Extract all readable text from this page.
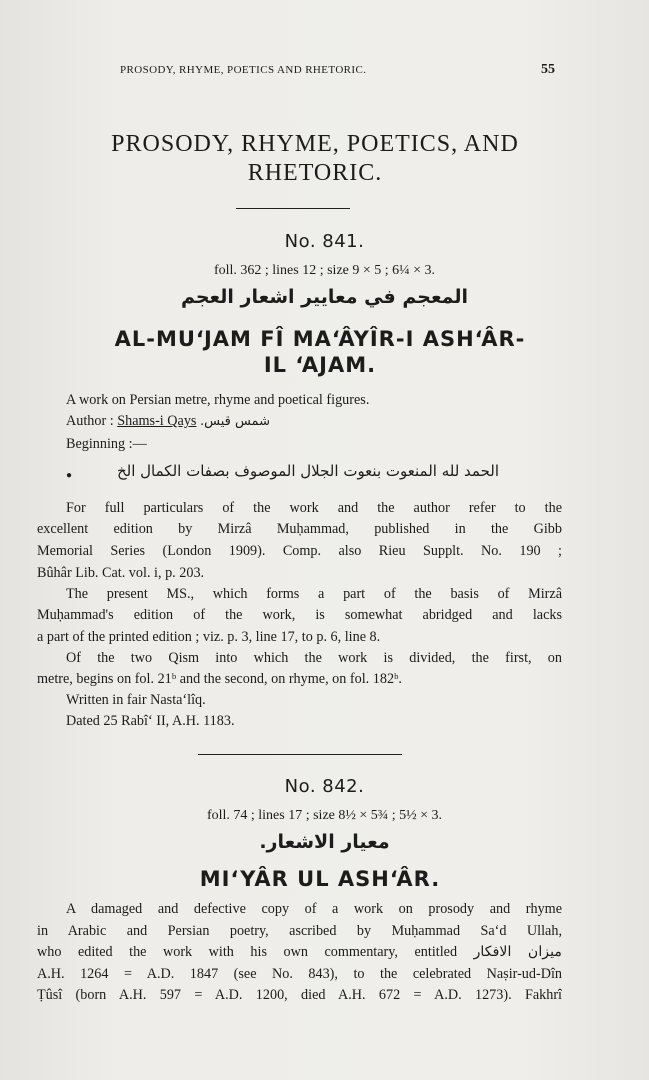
PROSODY, RHYME, POETICS AND RHETORIC.	55
PROSODY, RHYME, POETICS, AND
RHETORIC.
No. 841.
foll. 362 ; lines 12 ; size 9 × 5 ; 6¼ × 3.
المعجم في معايير اشعار العجم
AL-MU‘JAM FÎ MA‘ÂYÎR-I ASH‘ÂR-
IL ‘AJAM.
A work on Persian metre, rhyme and poetical figures.
Author : Shams-i Qays شمس قيس.
Beginning :—
●	الحمد لله المنعوت بنعوت الجلال الموصوف بصفات الكمال الخ
For full particulars of the work and the author refer to the
excellent edition by Mirzâ Muḥammad, published in the Gibb
Memorial Series (London 1909). Comp. also Rieu Supplt. No. 190 ;
Bûhâr Lib. Cat. vol. i, p. 203.
The present MS., which forms a part of the basis of Mirzâ
Muḥammad's edition of the work, is somewhat abridged and lacks
a part of the printed edition ; viz. p. 3, line 17, to p. 6, line 8.
Of the two Qism into which the work is divided, the first, on
metre, begins on fol. 21ᵇ and the second, on rhyme, on fol. 182ᵇ.
Written in fair Nasta‘lîq.
Dated 25 Rabî‘ II, A.H. 1183.
No. 842.
foll. 74 ; lines 17 ; size 8½ × 5¾ ; 5½ × 3.
معيار الاشعار.
MI‘YÂR UL ASH‘ÂR.
A damaged and defective copy of a work on prosody and rhyme
in Arabic and Persian poetry, ascribed by Muḥammad Sa‘d Ullah,
who edited the work with his own commentary, entitled میزان الافکار
A.H. 1264 = A.D. 1847 (see No. 843), to the celebrated Naṣir-ud-Dîn
Ṭûsî (born A.H. 597 = A.D. 1200, died A.H. 672 = A.D. 1273). Fakhrî
